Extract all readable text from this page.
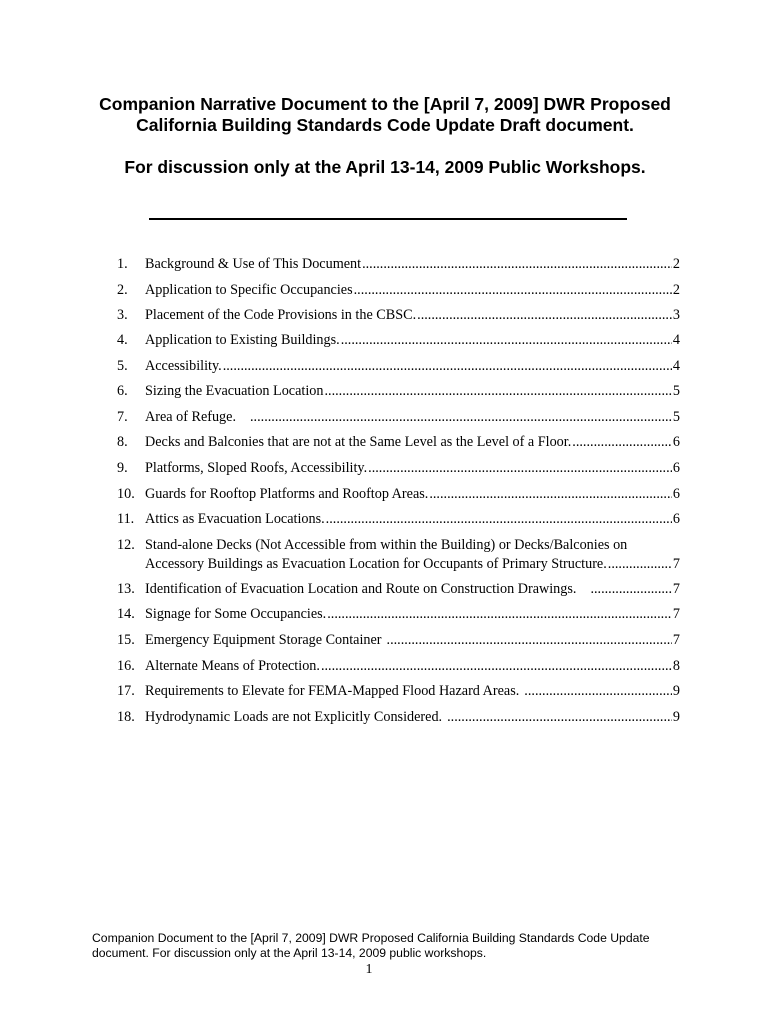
Companion Narrative Document to the [April 7, 2009] DWR Proposed
California Building Standards Code Update Draft document.
For discussion only at the April 13-14, 2009 Public Workshops.
1.	Background & Use of This Document .....	2
2.	Application to Specific Occupancies .....	2
3.	Placement of the Code Provisions in the CBSC. .....	3
4.	Application to Existing Buildings. .....	4
5.	Accessibility. .....	4
6.	Sizing the Evacuation Location .....	5
7.	Area of Refuge. .....	5
8.	Decks and Balconies that are not at the Same Level as the Level of a Floor. .....	6
9.	Platforms, Sloped Roofs, Accessibility. .....	6
10. Guards for Rooftop Platforms and Rooftop Areas. .....	6
11. Attics as Evacuation Locations. .....	6
12. Stand-alone Decks (Not Accessible from within the Building) or Decks/Balconies on
Accessory Buildings as Evacuation Location for Occupants of Primary Structure. .....	7
13. Identification of Evacuation Location and Route on Construction Drawings. .....	7
14. Signage for Some Occupancies. .....	7
15. Emergency Equipment Storage Container .....	7
16. Alternate Means of Protection. .....	8
17. Requirements to Elevate for FEMA-Mapped Flood Hazard Areas. .....	9
18. Hydrodynamic Loads are not Explicitly Considered. .....	9
Companion Document to the [April 7, 2009] DWR Proposed California Building Standards Code Update
document. For discussion only at the April 13-14, 2009 public workshops.
1
